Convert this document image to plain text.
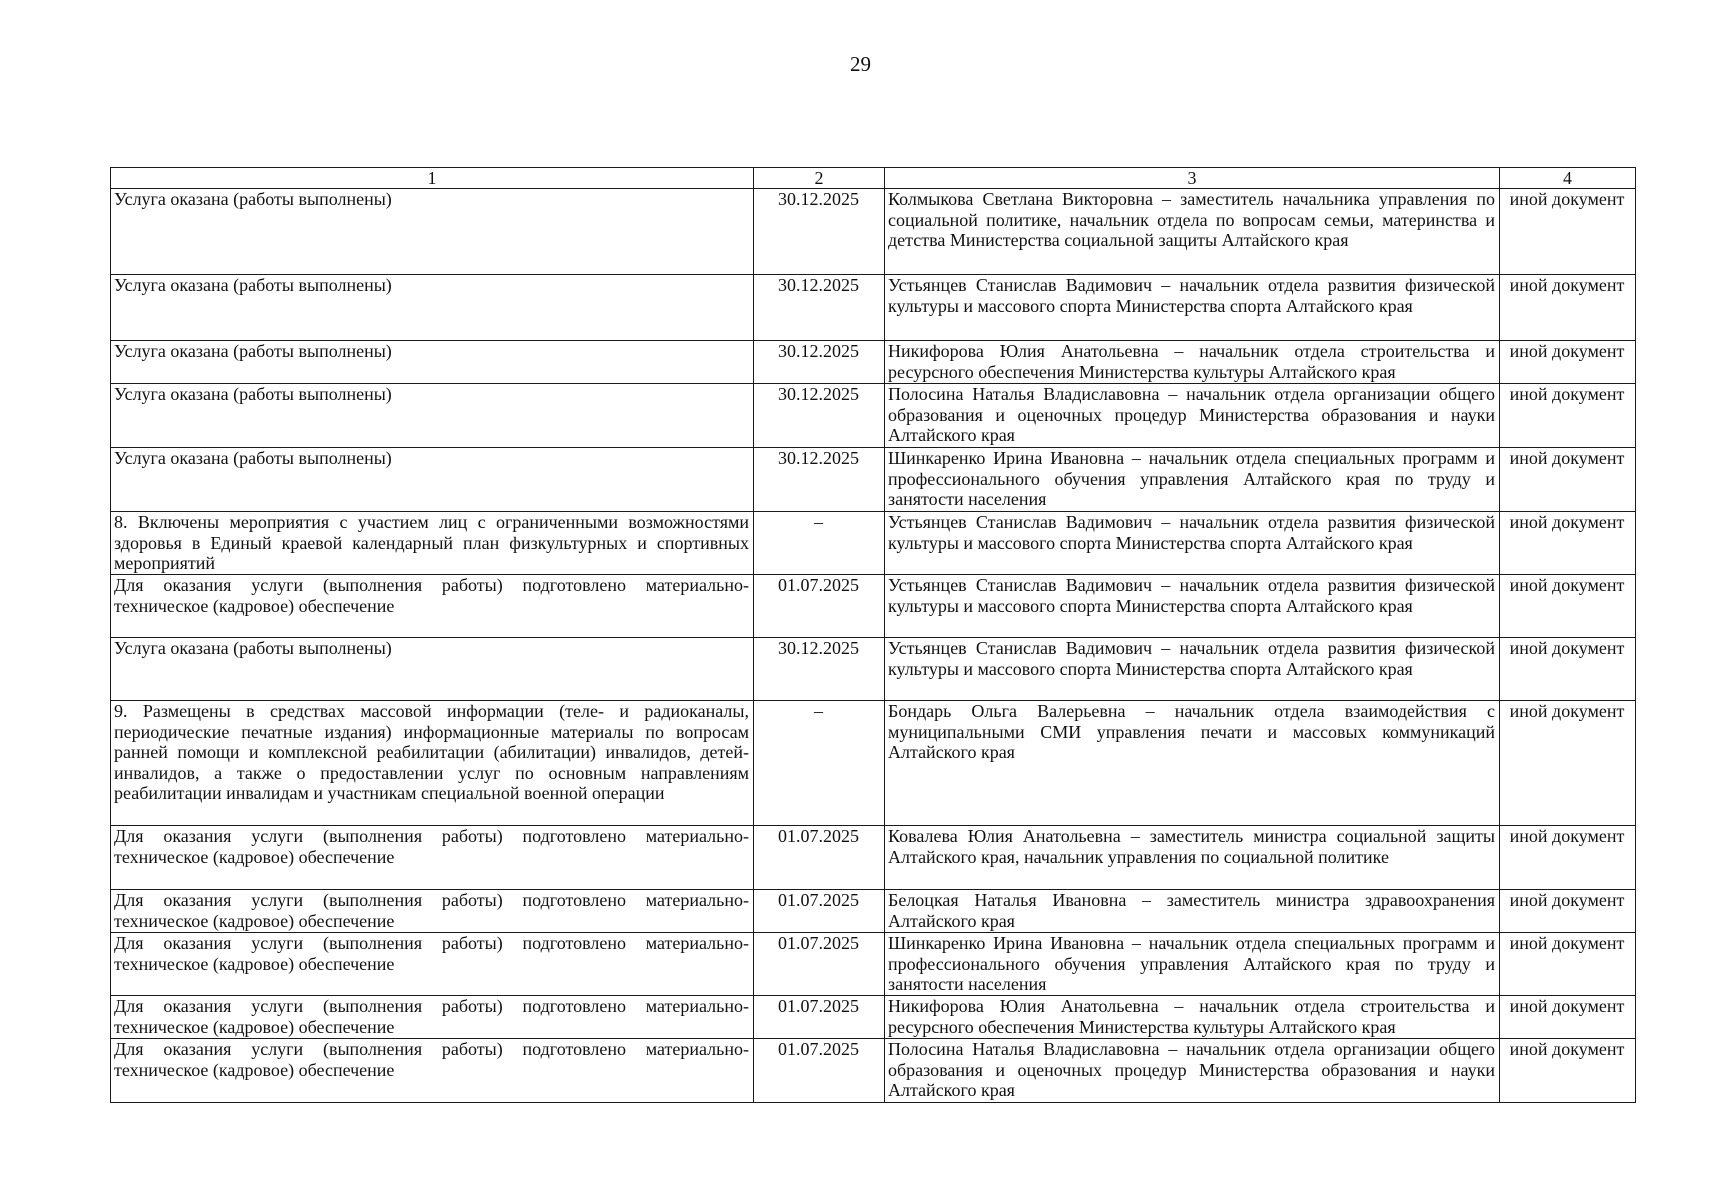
29
1	2	3	4
Услуга оказана (работы выполнены)	30.12.2025	Колмыкова Светлана Викторовна – заместитель начальника управления по социальной политике, начальник отдела по вопросам семьи, материнства и детства Министерства социальной защиты Алтайского края	иной документ
Услуга оказана (работы выполнены)	30.12.2025	Устьянцев Станислав Вадимович – начальник отдела развития физической культуры и массового спорта Министерства спорта Алтайского края	иной документ
Услуга оказана (работы выполнены)	30.12.2025	Никифорова Юлия Анатольевна – начальник отдела строительства и ресурсного обеспечения Министерства культуры Алтайского края	иной документ
Услуга оказана (работы выполнены)	30.12.2025	Полосина Наталья Владиславовна – начальник отдела организации общего образования и оценочных процедур Министерства образования и науки Алтайского края	иной документ
Услуга оказана (работы выполнены)	30.12.2025	Шинкаренко Ирина Ивановна – начальник отдела специальных программ и профессионального обучения управления Алтайского края по труду и занятости населения	иной документ
8. Включены мероприятия с участием лиц с ограниченными возможностями здоровья в Единый краевой календарный план физкультурных и спортивных мероприятий	–	Устьянцев Станислав Вадимович – начальник отдела развития физической культуры и массового спорта Министерства спорта Алтайского края	иной документ
Для оказания услуги (выполнения работы) подготовлено материально-техническое (кадровое) обеспечение	01.07.2025	Устьянцев Станислав Вадимович – начальник отдела развития физической культуры и массового спорта Министерства спорта Алтайского края	иной документ
Услуга оказана (работы выполнены)	30.12.2025	Устьянцев Станислав Вадимович – начальник отдела развития физической культуры и массового спорта Министерства спорта Алтайского края	иной документ
9. Размещены в средствах массовой информации (теле- и радиоканалы, периодические печатные издания) информационные материалы по вопросам ранней помощи и комплексной реабилитации (абилитации) инвалидов, детей-инвалидов, а также о предоставлении услуг по основным направлениям реабилитации инвалидам и участникам специальной военной операции	–	Бондарь Ольга Валерьевна – начальник отдела взаимодействия с муниципальными СМИ управления печати и массовых коммуникаций Алтайского края	иной документ
Для оказания услуги (выполнения работы) подготовлено материально-техническое (кадровое) обеспечение	01.07.2025	Ковалева Юлия Анатольевна – заместитель министра социальной защиты Алтайского края, начальник управления по социальной политике	иной документ
Для оказания услуги (выполнения работы) подготовлено материально-техническое (кадровое) обеспечение	01.07.2025	Белоцкая Наталья Ивановна – заместитель министра здравоохранения Алтайского края	иной документ
Для оказания услуги (выполнения работы) подготовлено материально-техническое (кадровое) обеспечение	01.07.2025	Шинкаренко Ирина Ивановна – начальник отдела специальных программ и профессионального обучения управления Алтайского края по труду и занятости населения	иной документ
Для оказания услуги (выполнения работы) подготовлено материально-техническое (кадровое) обеспечение	01.07.2025	Никифорова Юлия Анатольевна – начальник отдела строительства и ресурсного обеспечения Министерства культуры Алтайского края	иной документ
Для оказания услуги (выполнения работы) подготовлено материально-техническое (кадровое) обеспечение	01.07.2025	Полосина Наталья Владиславовна – начальник отдела организации общего образования и оценочных процедур Министерства образования и науки Алтайского края	иной документ
